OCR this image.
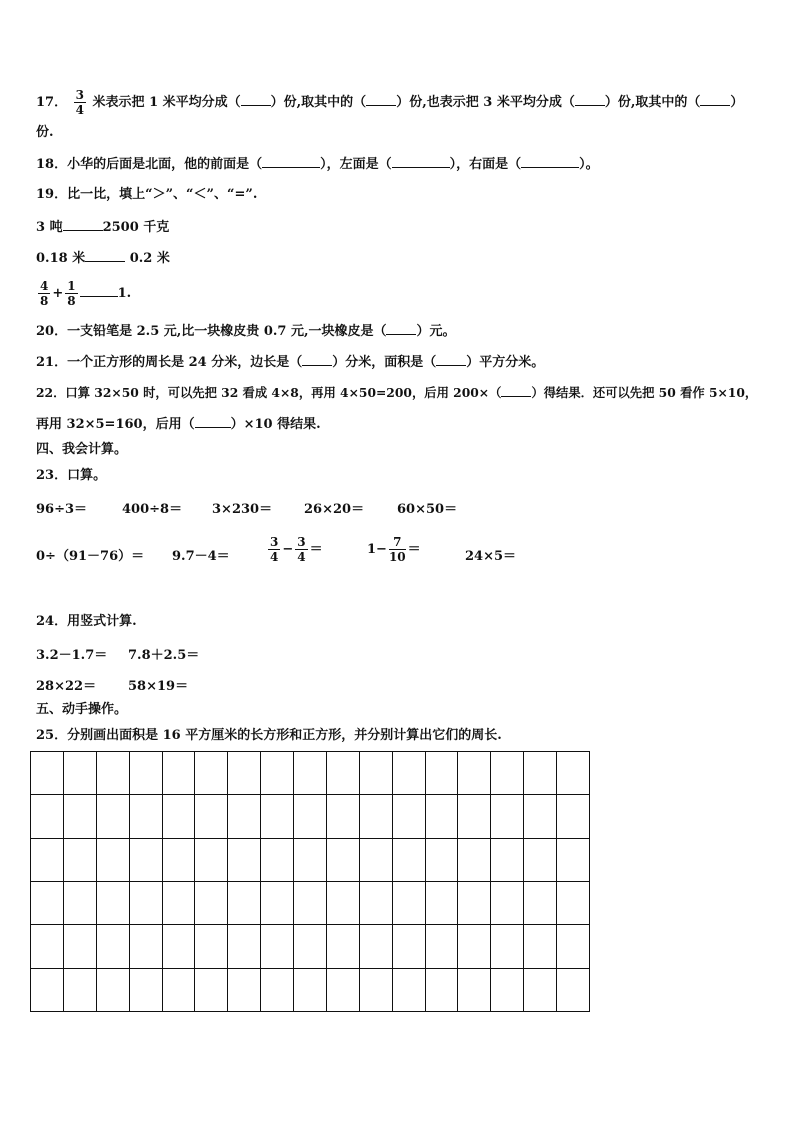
17． $\frac{3}{4}$ 米表示把 1 米平均分成（ ）份,取其中的（ ）份,也表示把 3 米平均分成（ ）份,取其中的（ ）
份.
18．小华的后面是北面，他的前面是（	），左面是（	），右面是（	）。
19．比一比，填上“＞”、“＜”、“=”.
3 吨	2500 千克
0.18 米	0.2 米
$\frac{4}{8} + \frac{1}{8}$	1.
20．一支铅笔是 2.5 元,比一块橡皮贵 0.7 元,一块橡皮是（ ）元。
21．一个正方形的周长是 24 分米，边长是（ ）分米，面积是（ ）平方分米。
22．口算 32×50 时，可以先把 32 看成 4×8，再用 4×50=200，后用 200×（ ）得结果．还可以先把 50 看作 5×10，
再用 32×5=160，后用（	）×10 得结果.
四、我会计算。
23．口算。
96÷3＝	400÷8＝ 3×230＝ 26×20＝	60×50＝
0÷（91－76）＝ 9.7－4＝	$\frac{3}{4} - \frac{3}{4}$ ＝	$1- \frac{7}{10}$ ＝	24×5＝
24．用竖式计算.
3.2－1.7＝ 7.8＋2.5＝
28×22＝ 58×19＝
五、动手操作。
25．分别画出面积是 16 平方厘米的长方形和正方形，并分别计算出它们的周长.
